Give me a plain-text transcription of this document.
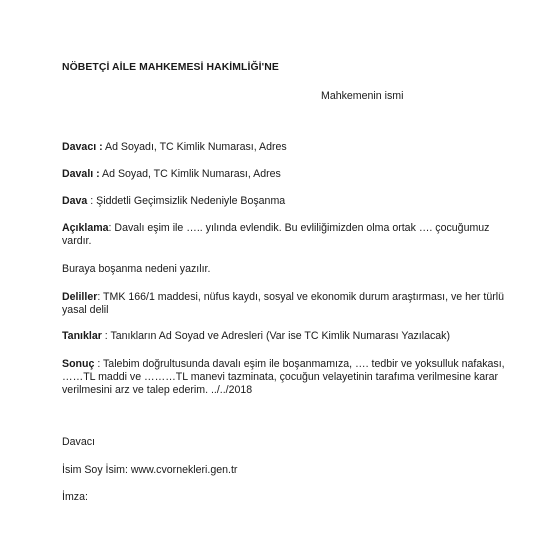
NÖBETÇİ AİLE MAHKEMESİ HAKİMLİĞİ'NE
Mahkemenin ismi
Davacı : Ad Soyadı, TC Kimlik Numarası, Adres
Davalı : Ad Soyad, TC Kimlik Numarası, Adres
Dava : Şiddetli Geçimsizlik Nedeniyle Boşanma
Açıklama: Davalı eşim ile ….. yılında evlendik. Bu evliliğimizden olma ortak …. çocuğumuz
vardır.
Buraya boşanma nedeni yazılır.
Deliller: TMK 166/1 maddesi, nüfus kaydı, sosyal ve ekonomik durum araştırması, ve her türlü
yasal delil
Tanıklar : Tanıkların Ad Soyad ve Adresleri (Var ise TC Kimlik Numarası Yazılacak)
Sonuç : Talebim doğrultusunda davalı eşim ile boşanmamıza, …. tedbir ve yoksulluk nafakası,
……TL maddi ve ………TL manevi tazminata, çocuğun velayetinin tarafıma verilmesine karar
verilmesini arz ve talep ederim. ../../2018
Davacı
İsim Soy İsim: www.cvornekleri.gen.tr
İmza:
